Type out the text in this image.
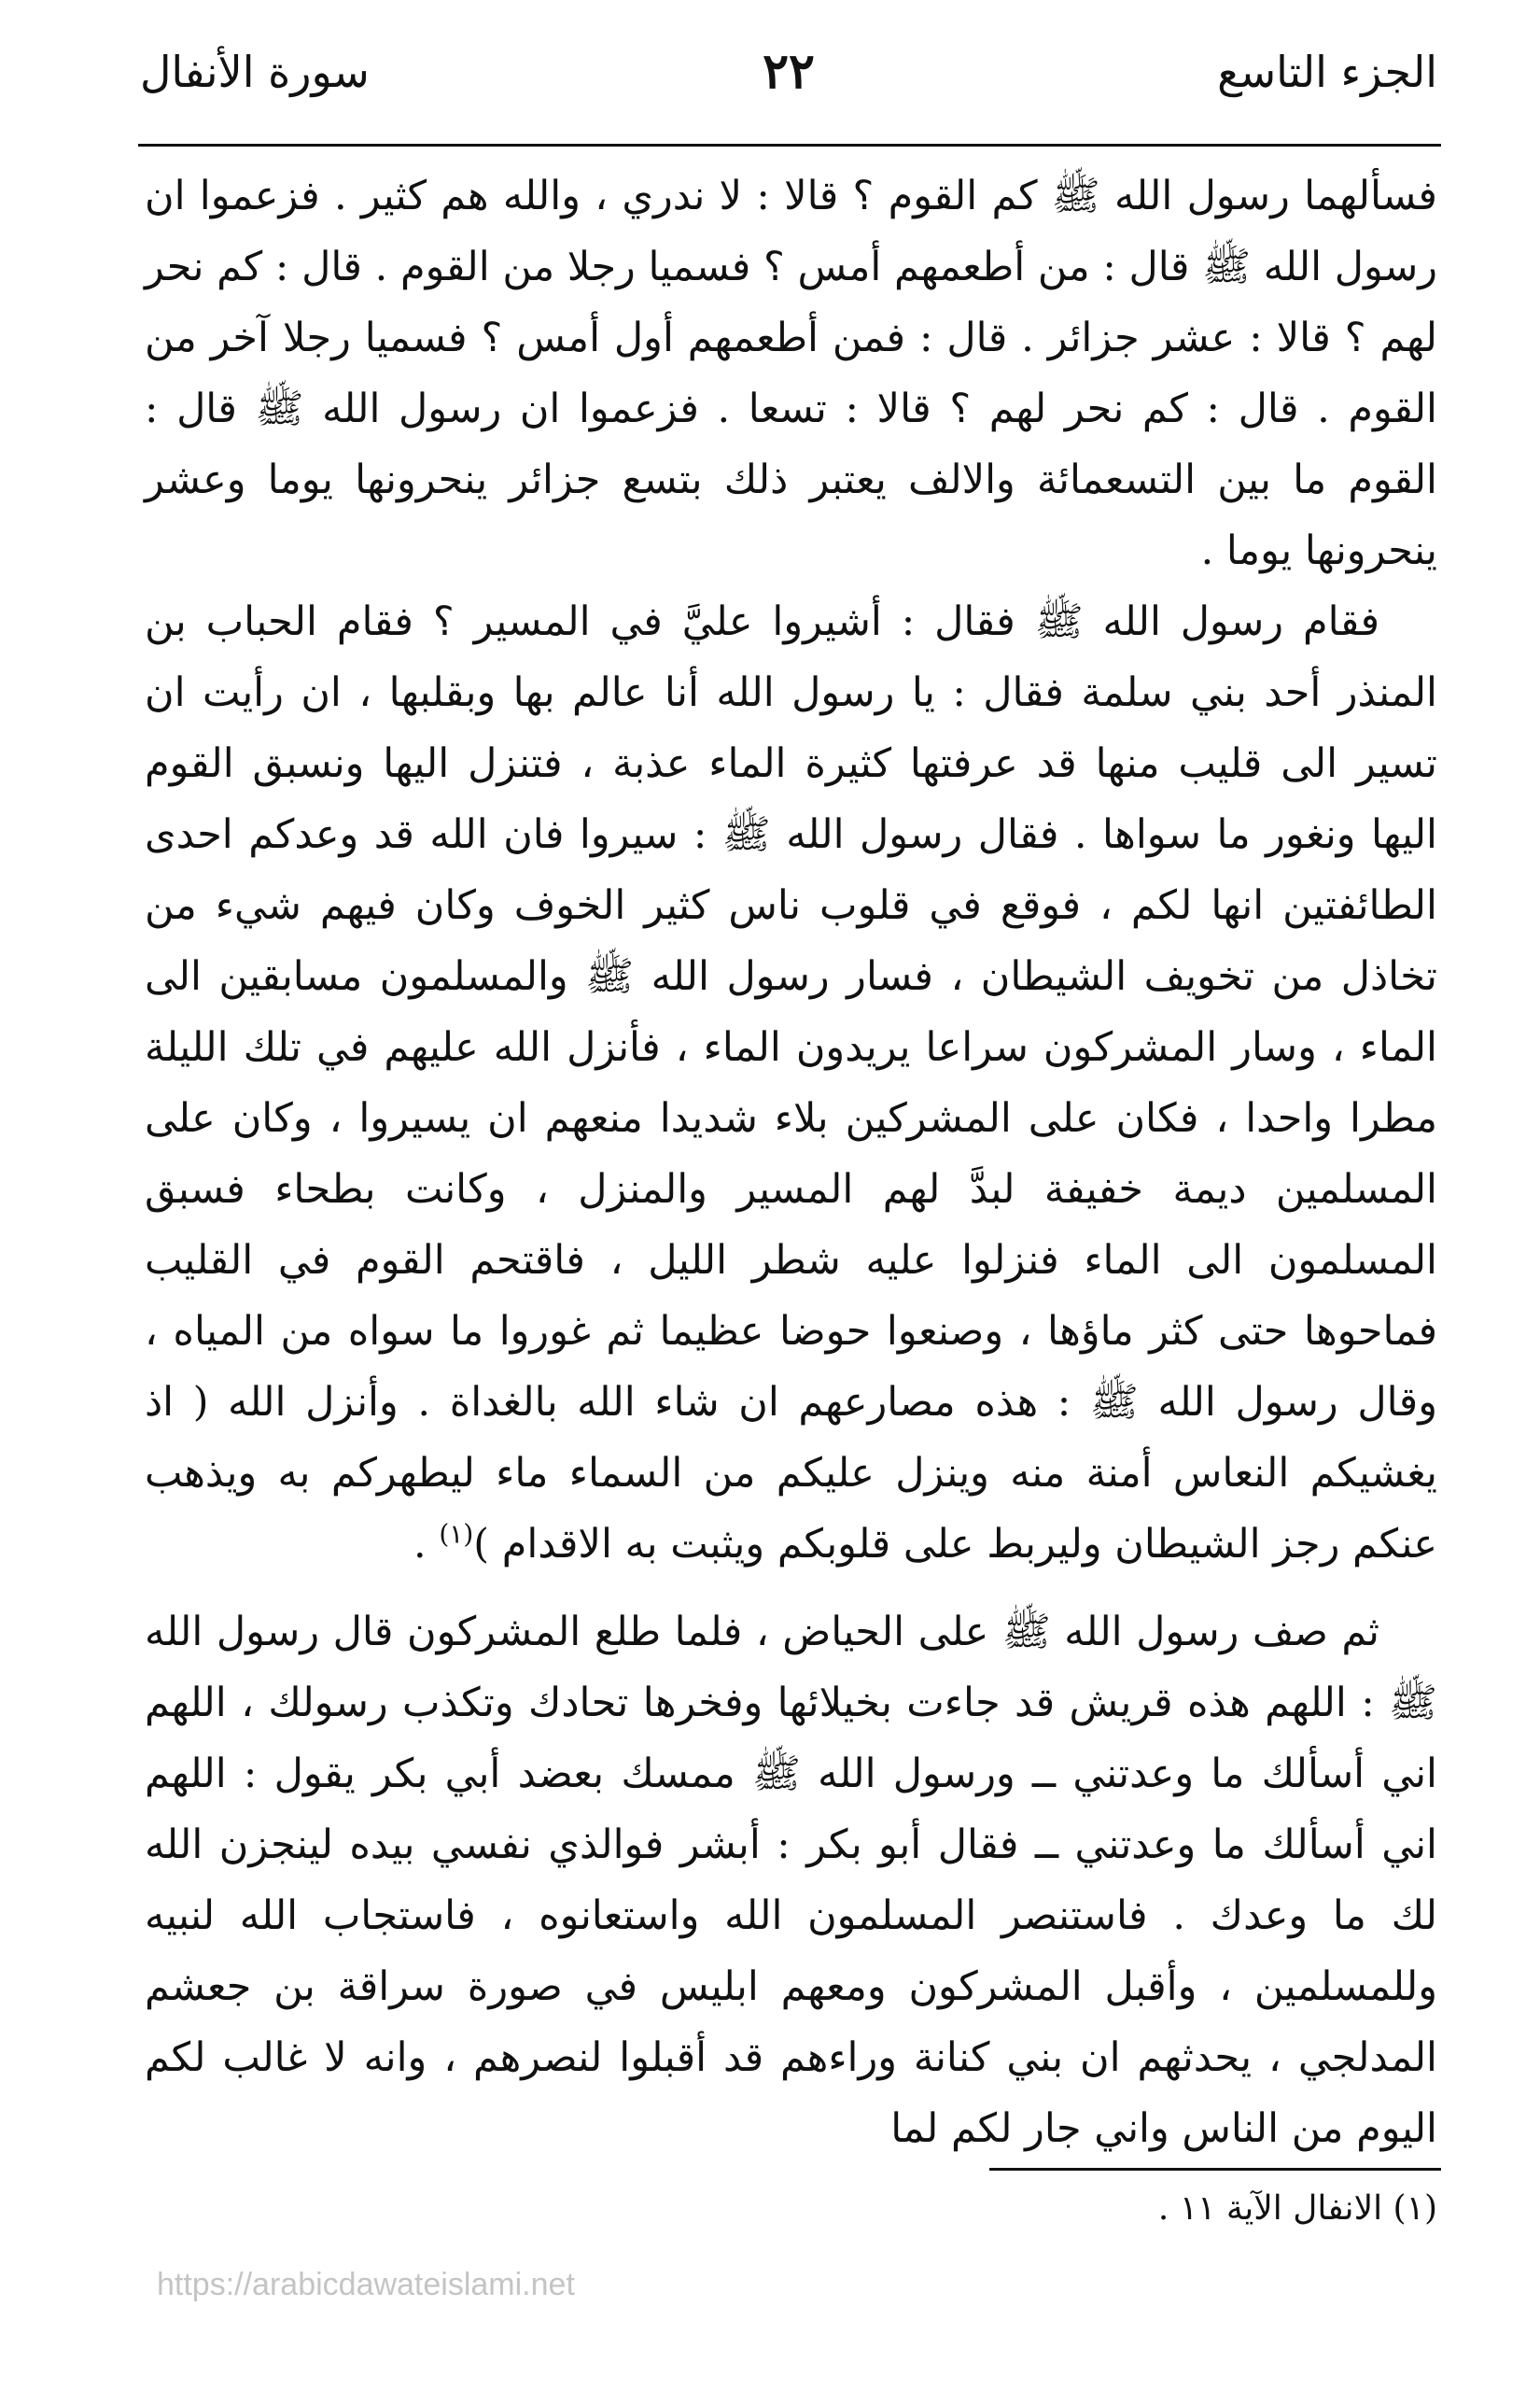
الجزء التاسع
٢٢
سورة الأنفال

فسألهما رسول الله ﷺ كم القوم ؟ قالا : لا ندري ، والله هم كثير . فزعموا ان رسول الله ﷺ قال : من أطعمهم أمس ؟ فسميا رجلا من القوم . قال : كم نحر لهم ؟ قالا : عشر جزائر . قال : فمن أطعمهم أول أمس ؟ فسميا رجلا آخر من القوم . قال : كم نحر لهم ؟ قالا : تسعا . فزعموا ان رسول الله ﷺ قال : القوم ما بين التسعمائة والالف يعتبر ذلك بتسع جزائر ينحرونها يوما وعشر ينحرونها يوما .

فقام رسول الله ﷺ فقال : أشيروا عليَّ في المسير ؟ فقام الحباب بن المنذر أحد بني سلمة فقال : يا رسول الله أنا عالم بها وبقلبها ، ان رأيت ان تسير الى قليب منها قد عرفتها كثيرة الماء عذبة ، فتنزل اليها ونسبق القوم اليها ونغور ما سواها . فقال رسول الله ﷺ : سيروا فان الله قد وعدكم احدى الطائفتين انها لكم ، فوقع في قلوب ناس كثير الخوف وكان فيهم شيء من تخاذل من تخويف الشيطان ، فسار رسول الله ﷺ والمسلمون مسابقين الى الماء ، وسار المشركون سراعا يريدون الماء ، فأنزل الله عليهم في تلك الليلة مطرا واحدا ، فكان على المشركين بلاء شديدا منعهم ان يسيروا ، وكان على المسلمين ديمة خفيفة لبدَّ لهم المسير والمنزل ، وكانت بطحاء فسبق المسلمون الى الماء فنزلوا عليه شطر الليل ، فاقتحم القوم في القليب فماحوها حتى كثر ماؤها ، وصنعوا حوضا عظيما ثم غوروا ما سواه من المياه ، وقال رسول الله ﷺ : هذه مصارعهم ان شاء الله بالغداة . وأنزل الله ( اذ يغشيكم النعاس أمنة منه وينزل عليكم من السماء ماء ليطهركم به ويذهب عنكم رجز الشيطان وليربط على قلوبكم ويثبت به الاقدام )$^{(١)}$ .

ثم صف رسول الله ﷺ على الحياض ، فلما طلع المشركون قال رسول الله ﷺ : اللهم هذه قريش قد جاءت بخيلائها وفخرها تحادك وتكذب رسولك ، اللهم اني أسألك ما وعدتني ــ ورسول الله ﷺ ممسك بعضد أبي بكر يقول : اللهم اني أسألك ما وعدتني ــ فقال أبو بكر : أبشر فوالذي نفسي بيده لينجزن الله لك ما وعدك . فاستنصر المسلمون الله واستعانوه ، فاستجاب الله لنبيه وللمسلمين ، وأقبل المشركون ومعهم ابليس في صورة سراقة بن جعشم المدلجي ، يحدثهم ان بني كنانة وراءهم قد أقبلوا لنصرهم ، وانه لا غالب لكم اليوم من الناس واني جار لكم لما

(١) الانفال الآية ١١ .
https://arabicdawateislami.net
